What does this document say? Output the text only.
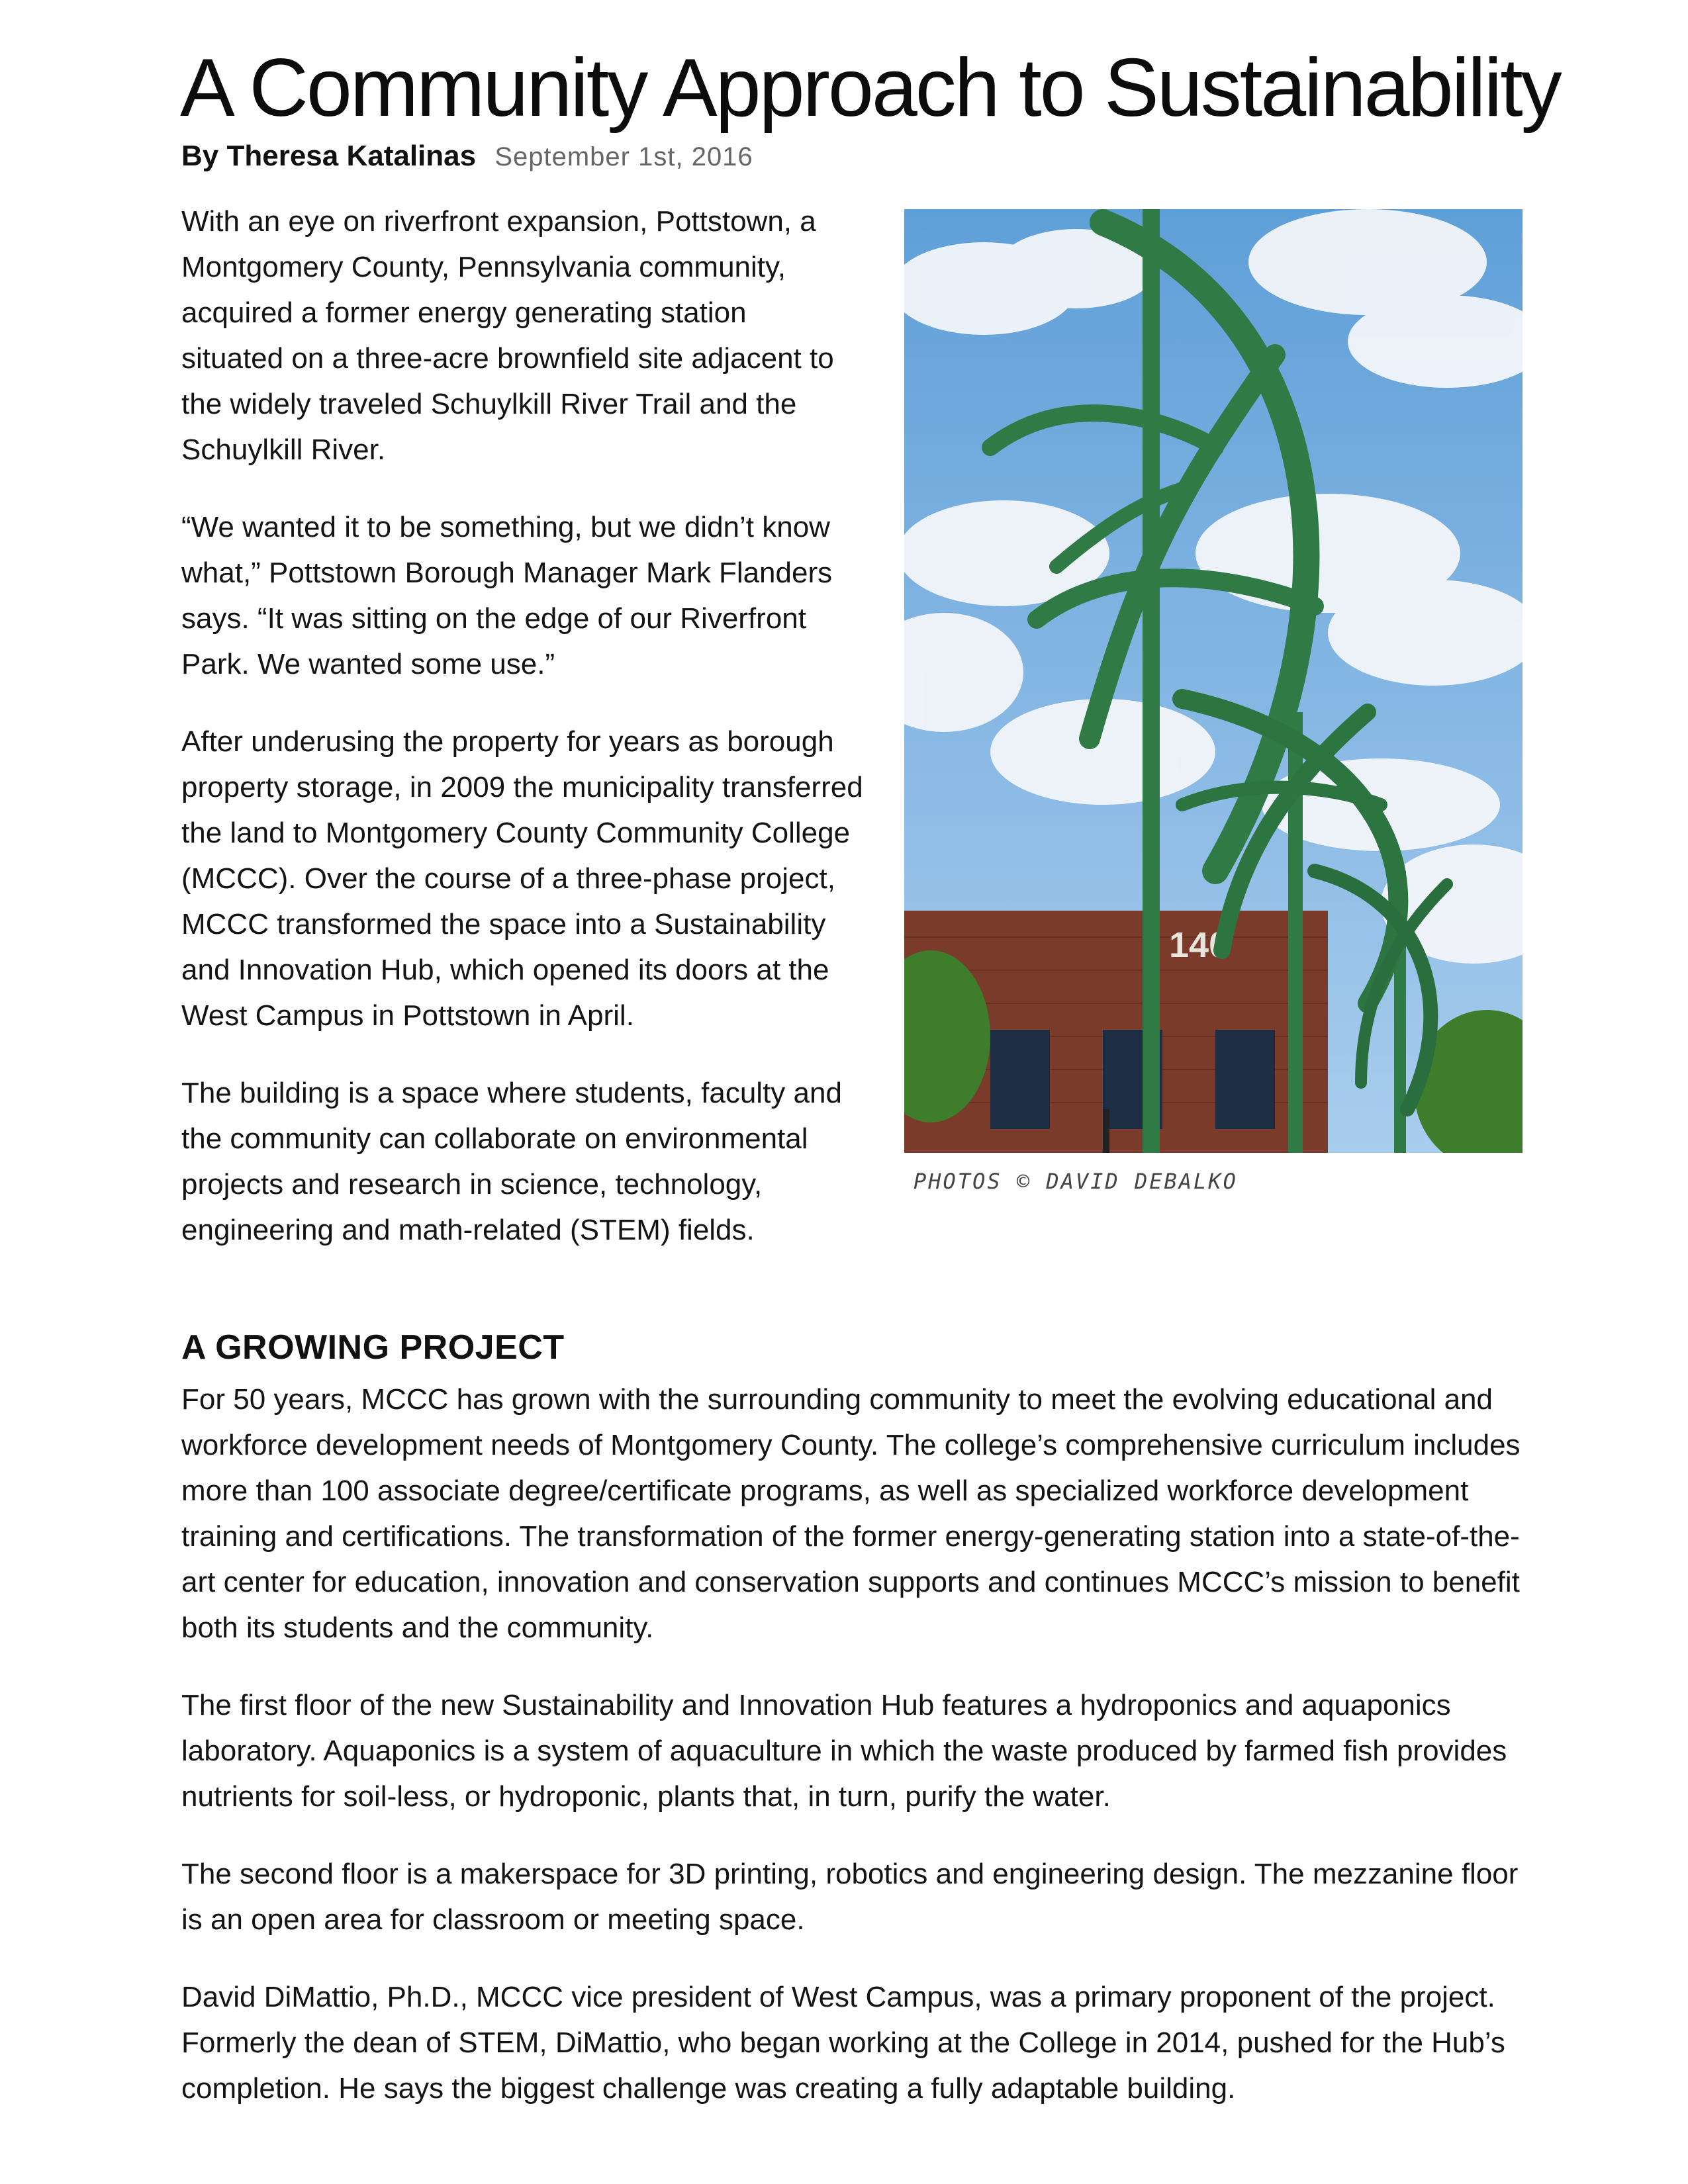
A Community Approach to Sustainability
By Theresa Katalinas September 1st, 2016

With an eye on riverfront expansion, Pottstown, a Montgomery County, Pennsylvania community, acquired a former energy generating station situated on a three-acre brownfield site adjacent to the widely traveled Schuylkill River Trail and the Schuylkill River.

“We wanted it to be something, but we didn’t know what,” Pottstown Borough Manager Mark Flanders says. “It was sitting on the edge of our Riverfront Park. We wanted some use.”

After underusing the property for years as borough property storage, in 2009 the municipality transferred the land to Montgomery County Community College (MCCC). Over the course of a three-phase project, MCCC transformed the space into a Sustainability and Innovation Hub, which opened its doors at the West Campus in Pottstown in April.

The building is a space where students, faculty and the community can collaborate on environmental projects and research in science, technology, engineering and math-related (STEM) fields.

140
PHOTOS © DAVID DEBALKO
A GROWING PROJECT

For 50 years, MCCC has grown with the surrounding community to meet the evolving educational and workforce development needs of Montgomery County. The college’s comprehensive curriculum includes more than 100 associate degree/certificate programs, as well as specialized workforce development training and certifications. The transformation of the former energy-generating station into a state-of-the-art center for education, innovation and conservation supports and continues MCCC’s mission to benefit both its students and the community.

The first floor of the new Sustainability and Innovation Hub features a hydroponics and aquaponics laboratory. Aquaponics is a system of aquaculture in which the waste produced by farmed fish provides nutrients for soil-less, or hydroponic, plants that, in turn, purify the water.

The second floor is a makerspace for 3D printing, robotics and engineering design. The mezzanine floor is an open area for classroom or meeting space.

David DiMattio, Ph.D., MCCC vice president of West Campus, was a primary proponent of the project. Formerly the dean of STEM, DiMattio, who began working at the College in 2014, pushed for the Hub’s completion. He says the biggest challenge was creating a fully adaptable building.
